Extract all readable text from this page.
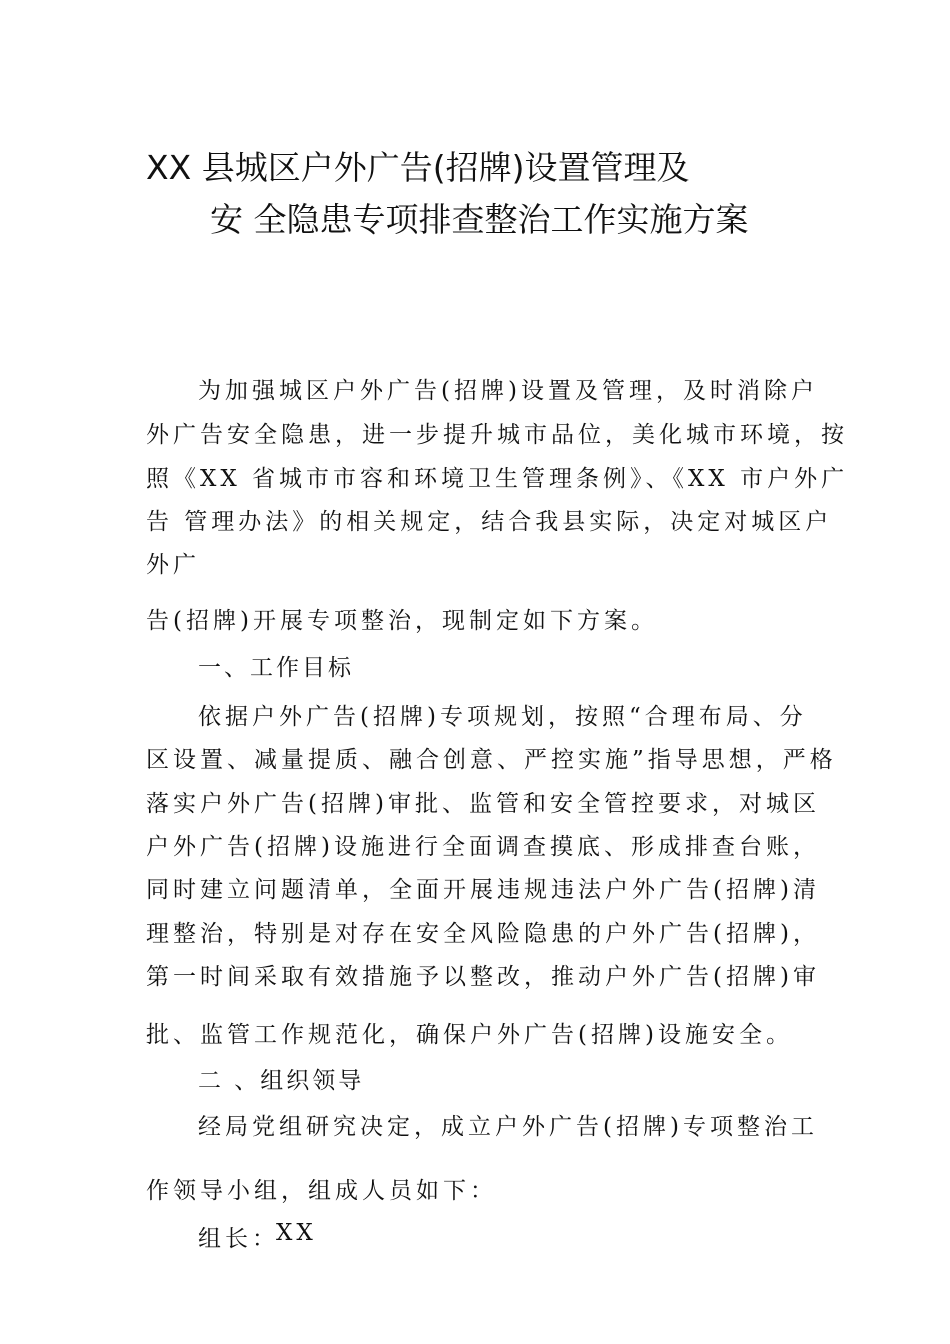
XX 县城区户外广告(招牌)设置管理及
安 全隐患专项排查整治工作实施方案
为加强城区户外广告(招牌)设置及管理，及时消除户
外广告安全隐患，进一步提升城市品位，美化城市环境，按
照《XX 省城市市容和环境卫生管理条例》、《XX 市户外广
告 管理办法》的相关规定，结合我县实际，决定对城区户
外广
告(招牌)开展专项整治，现制定如下方案。
一、工作目标
依据户外广告(招牌)专项规划，按照“合理布局、分
区设置、减量提质、融合创意、严控实施”指导思想，严格
落实户外广告(招牌)审批、监管和安全管控要求，对城区
户外广告(招牌)设施进行全面调查摸底、形成排查台账，
同时建立问题清单，全面开展违规违法户外广告(招牌)清
理整治，特别是对存在安全风险隐患的户外广告(招牌)，
第一时间采取有效措施予以整改，推动户外广告(招牌)审
批、监管工作规范化，确保户外广告(招牌)设施安全。
二 、组织领导
经局党组研究决定，成立户外广告(招牌)专项整治工
作领导小组，组成人员如下：
组长：
XX
